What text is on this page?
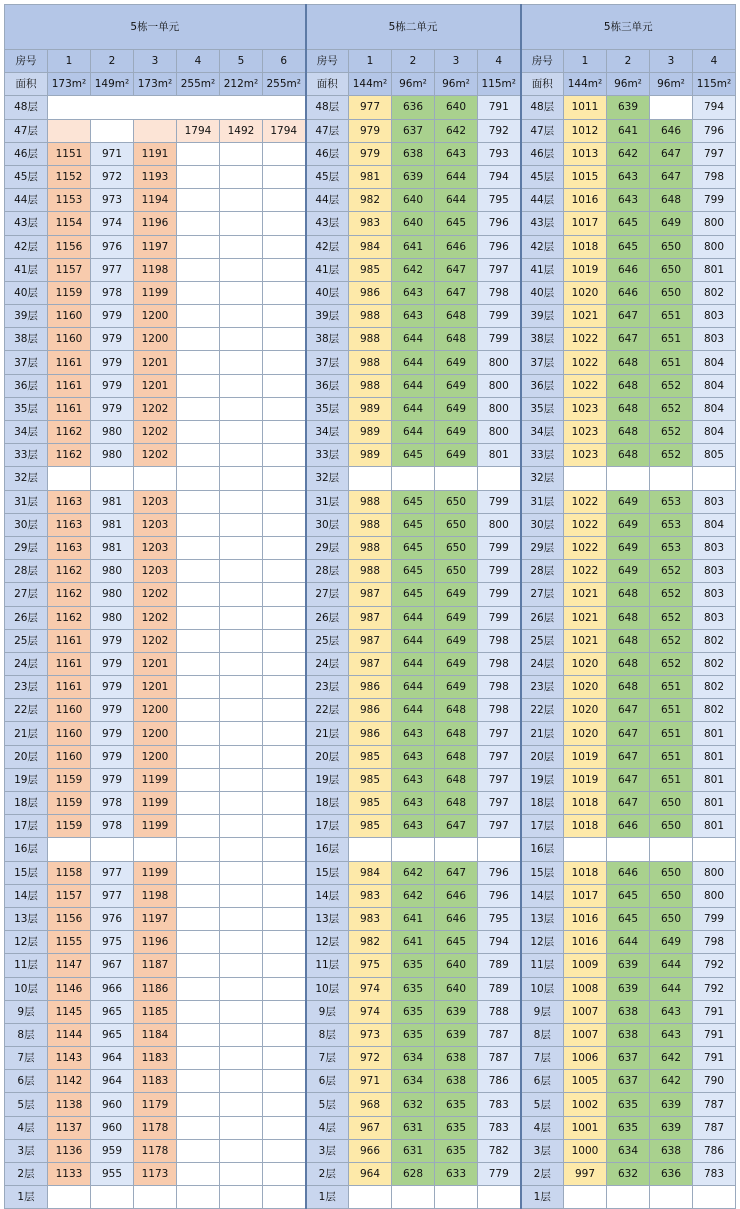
5栋一单元							5栋二单元					5栋三单元				
房号	1	2	3	4	5	6	房号	1	2	3	4	房号	1	2	3	4
面积	173m²	149m²	173m²	255m²	212m²	255m²	面积	144m²	96m²	96m²	115m²	面积	144m²	96m²	96m²	115m²
48层							48层	977	636	640	791	48层	1011	639		794
47层				1794	1492	1794	47层	979	637	642	792	47层	1012	641	646	796
46层	1151	971	1191				46层	979	638	643	793	46层	1013	642	647	797
45层	1152	972	1193				45层	981	639	644	794	45层	1015	643	647	798
44层	1153	973	1194				44层	982	640	644	795	44层	1016	643	648	799
43层	1154	974	1196				43层	983	640	645	796	43层	1017	645	649	800
42层	1156	976	1197				42层	984	641	646	796	42层	1018	645	650	800
41层	1157	977	1198				41层	985	642	647	797	41层	1019	646	650	801
40层	1159	978	1199				40层	986	643	647	798	40层	1020	646	650	802
39层	1160	979	1200				39层	988	643	648	799	39层	1021	647	651	803
38层	1160	979	1200				38层	988	644	648	799	38层	1022	647	651	803
37层	1161	979	1201				37层	988	644	649	800	37层	1022	648	651	804
36层	1161	979	1201				36层	988	644	649	800	36层	1022	648	652	804
35层	1161	979	1202				35层	989	644	649	800	35层	1023	648	652	804
34层	1162	980	1202				34层	989	644	649	800	34层	1023	648	652	804
33层	1162	980	1202				33层	989	645	649	801	33层	1023	648	652	805
32层							32层					32层				
31层	1163	981	1203				31层	988	645	650	799	31层	1022	649	653	803
30层	1163	981	1203				30层	988	645	650	800	30层	1022	649	653	804
29层	1163	981	1203				29层	988	645	650	799	29层	1022	649	653	803
28层	1162	980	1203				28层	988	645	650	799	28层	1022	649	652	803
27层	1162	980	1202				27层	987	645	649	799	27层	1021	648	652	803
26层	1162	980	1202				26层	987	644	649	799	26层	1021	648	652	803
25层	1161	979	1202				25层	987	644	649	798	25层	1021	648	652	802
24层	1161	979	1201				24层	987	644	649	798	24层	1020	648	652	802
23层	1161	979	1201				23层	986	644	649	798	23层	1020	648	651	802
22层	1160	979	1200				22层	986	644	648	798	22层	1020	647	651	802
21层	1160	979	1200				21层	986	643	648	797	21层	1020	647	651	801
20层	1160	979	1200				20层	985	643	648	797	20层	1019	647	651	801
19层	1159	979	1199				19层	985	643	648	797	19层	1019	647	651	801
18层	1159	978	1199				18层	985	643	648	797	18层	1018	647	650	801
17层	1159	978	1199				17层	985	643	647	797	17层	1018	646	650	801
16层							16层					16层				
15层	1158	977	1199				15层	984	642	647	796	15层	1018	646	650	800
14层	1157	977	1198				14层	983	642	646	796	14层	1017	645	650	800
13层	1156	976	1197				13层	983	641	646	795	13层	1016	645	650	799
12层	1155	975	1196				12层	982	641	645	794	12层	1016	644	649	798
11层	1147	967	1187				11层	975	635	640	789	11层	1009	639	644	792
10层	1146	966	1186				10层	974	635	640	789	10层	1008	639	644	792
9层	1145	965	1185				9层	974	635	639	788	9层	1007	638	643	791
8层	1144	965	1184				8层	973	635	639	787	8层	1007	638	643	791
7层	1143	964	1183				7层	972	634	638	787	7层	1006	637	642	791
6层	1142	964	1183				6层	971	634	638	786	6层	1005	637	642	790
5层	1138	960	1179				5层	968	632	635	783	5层	1002	635	639	787
4层	1137	960	1178				4层	967	631	635	783	4层	1001	635	639	787
3层	1136	959	1178				3层	966	631	635	782	3层	1000	634	638	786
2层	1133	955	1173				2层	964	628	633	779	2层	997	632	636	783
1层							1层					1层				
